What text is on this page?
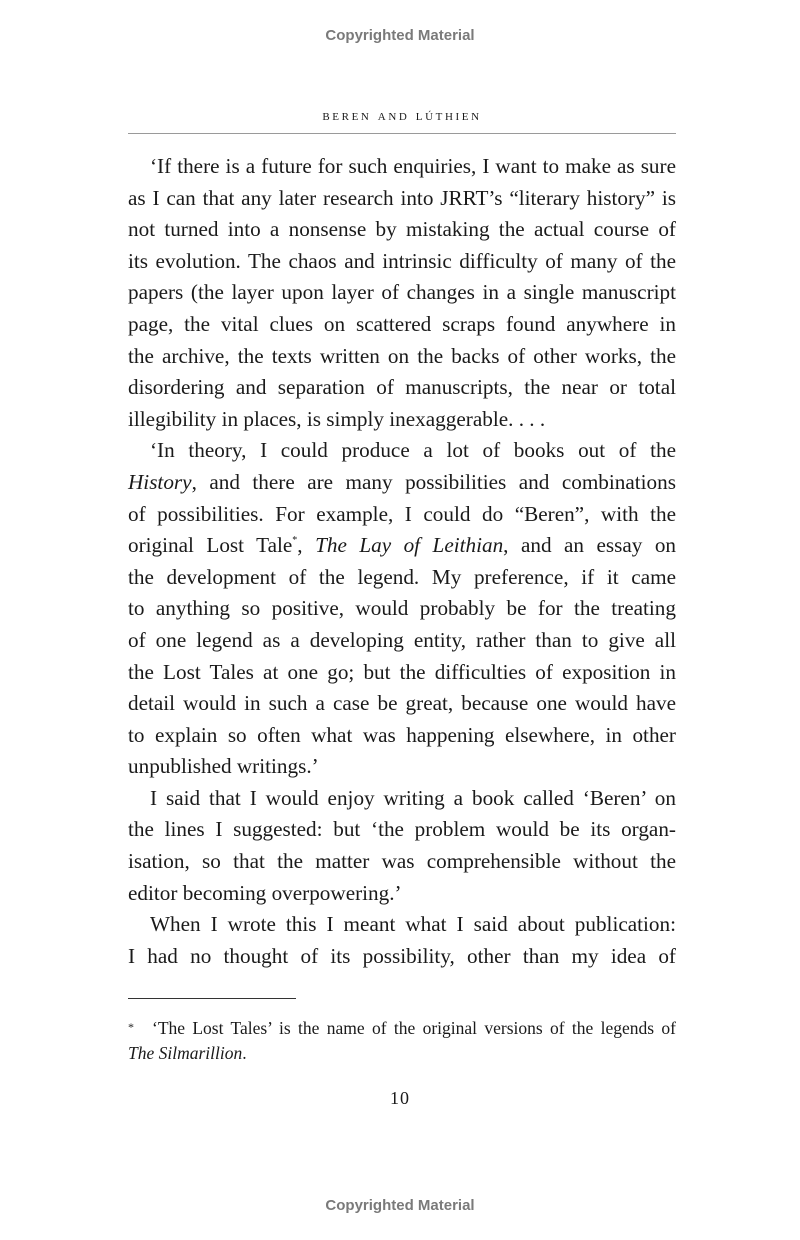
Copyrighted Material
beren and lúthien
‘If there is a future for such enquiries, I want to make as sure
as I can that any later research into JRRT’s “literary history” is
not turned into a nonsense by mistaking the actual course of
its evolution. The chaos and intrinsic difficulty of many of the
papers (the layer upon layer of changes in a single manuscript
page, the vital clues on scattered scraps found anywhere in
the archive, the texts written on the backs of other works, the
disordering and separation of manuscripts, the near or total
illegibility in places, is simply inexaggerable. . . .
‘In theory, I could produce a lot of books out of the
History, and there are many possibilities and combinations
of possibilities. For example, I could do “Beren”, with the
original Lost Tale*, The Lay of Leithian, and an essay on
the development of the legend. My preference, if it came
to anything so positive, would probably be for the treating
of one legend as a developing entity, rather than to give all
the Lost Tales at one go; but the difficulties of exposition in
detail would in such a case be great, because one would have
to explain so often what was happening elsewhere, in other
unpublished writings.’
I said that I would enjoy writing a book called ‘Beren’ on
the lines I suggested: but ‘the problem would be its organ-
isation, so that the matter was comprehensible without the
editor becoming overpowering.’
When I wrote this I meant what I said about publication:
I had no thought of its possibility, other than my idea of
* ‘The Lost Tales’ is the name of the original versions of the legends of
The Silmarillion.
10
Copyrighted Material
